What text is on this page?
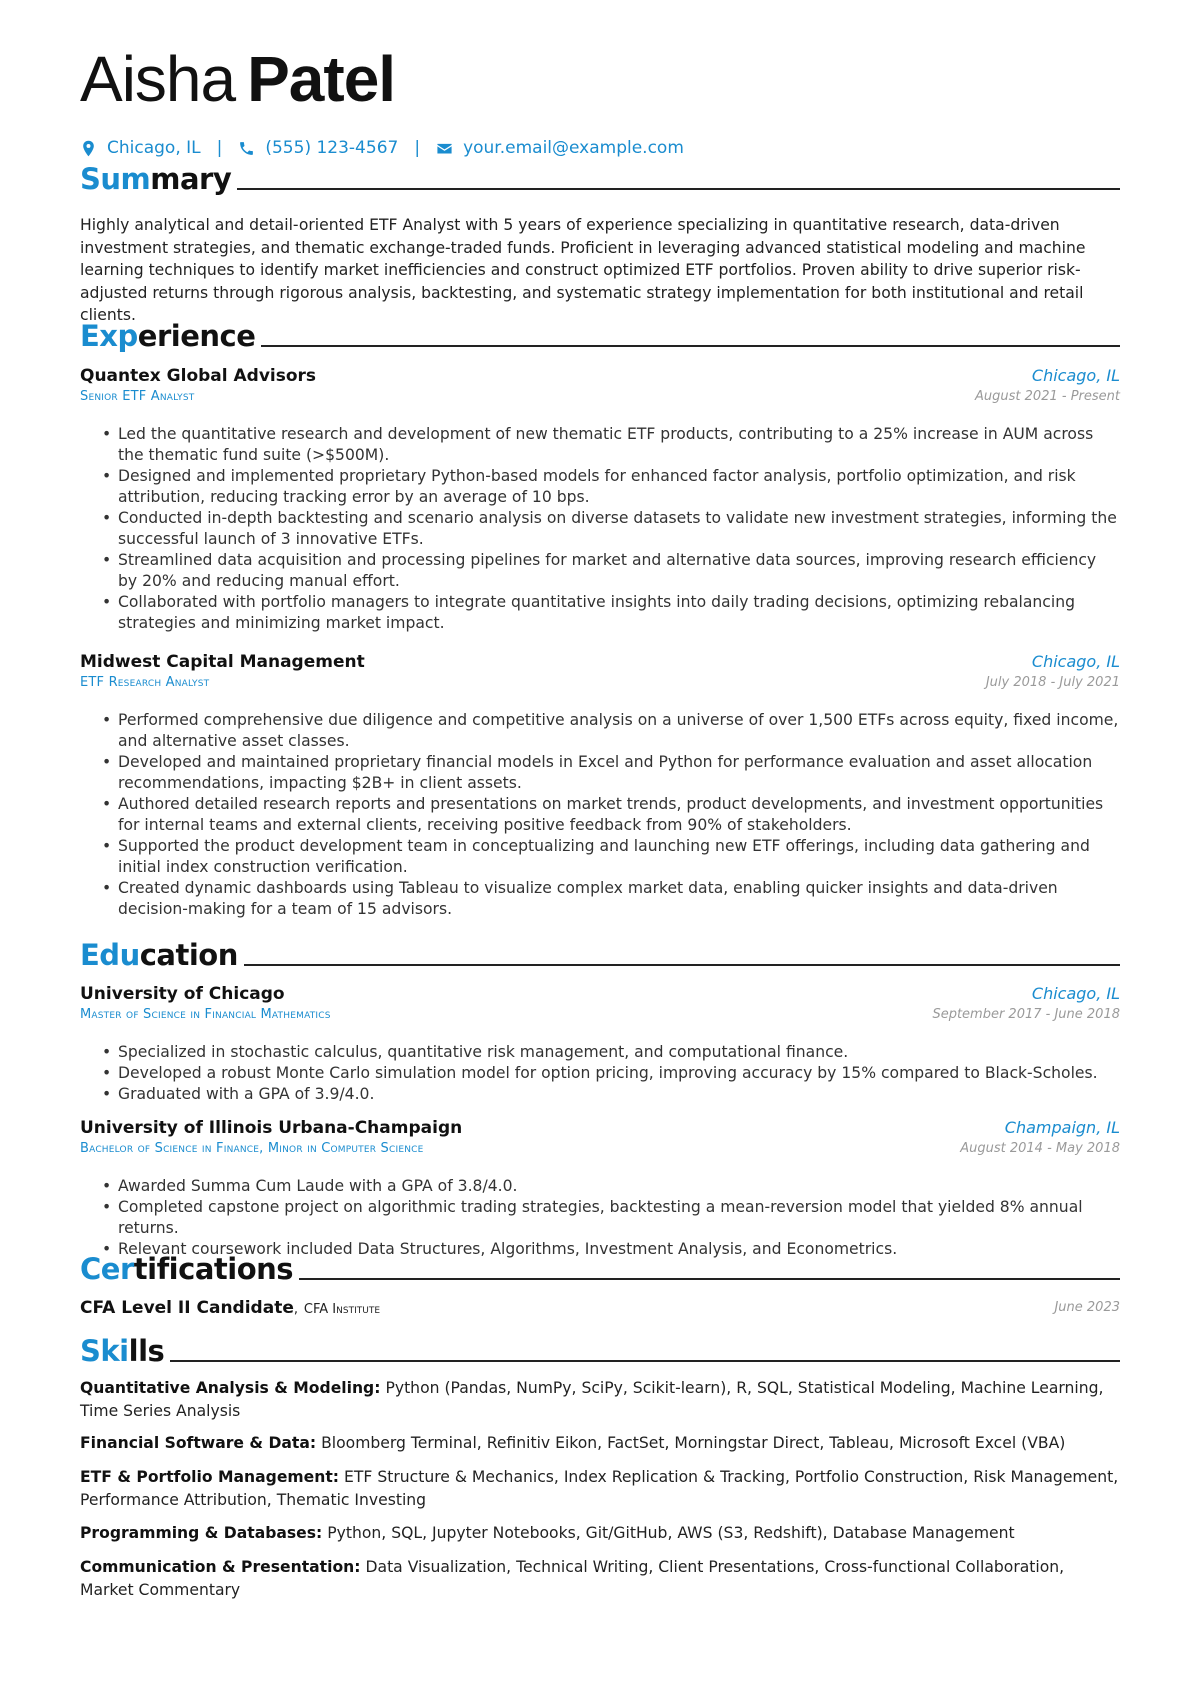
Aisha Patel
Chicago, IL |	(555) 123-4567 |	your.email@example.com
Summary
Highly analytical and detail-oriented ETF Analyst with 5 years of experience specializing in quantitative research, data-driven investment strategies, and thematic exchange-traded funds. Proficient in leveraging advanced statistical modeling and machine learning techniques to identify market inefficiencies and construct optimized ETF portfolios. Proven ability to drive superior risk-adjusted returns through rigorous analysis, backtesting, and systematic strategy implementation for both institutional and retail clients.
Experience
Quantex Global Advisors	Chicago, IL
Senior ETF Analyst	August 2021 - Present
• Led the quantitative research and development of new thematic ETF products, contributing to a 25% increase in AUM across the thematic fund suite (>$500M).
• Designed and implemented proprietary Python-based models for enhanced factor analysis, portfolio optimization, and risk attribution, reducing tracking error by an average of 10 bps.
• Conducted in-depth backtesting and scenario analysis on diverse datasets to validate new investment strategies, informing the successful launch of 3 innovative ETFs.
• Streamlined data acquisition and processing pipelines for market and alternative data sources, improving research efficiency by 20% and reducing manual effort.
• Collaborated with portfolio managers to integrate quantitative insights into daily trading decisions, optimizing rebalancing strategies and minimizing market impact.
Midwest Capital Management	Chicago, IL
ETF Research Analyst	July 2018 - July 2021
• Performed comprehensive due diligence and competitive analysis on a universe of over 1,500 ETFs across equity, fixed income, and alternative asset classes.
• Developed and maintained proprietary financial models in Excel and Python for performance evaluation and asset allocation recommendations, impacting $2B+ in client assets.
• Authored detailed research reports and presentations on market trends, product developments, and investment opportunities for internal teams and external clients, receiving positive feedback from 90% of stakeholders.
• Supported the product development team in conceptualizing and launching new ETF offerings, including data gathering and initial index construction verification.
• Created dynamic dashboards using Tableau to visualize complex market data, enabling quicker insights and data-driven decision-making for a team of 15 advisors.
Education
University of Chicago	Chicago, IL
Master of Science in Financial Mathematics	September 2017 - June 2018
• Specialized in stochastic calculus, quantitative risk management, and computational finance.
• Developed a robust Monte Carlo simulation model for option pricing, improving accuracy by 15% compared to Black-Scholes.
• Graduated with a GPA of 3.9/4.0.
University of Illinois Urbana-Champaign	Champaign, IL
Bachelor of Science in Finance, Minor in Computer Science	August 2014 - May 2018
• Awarded Summa Cum Laude with a GPA of 3.8/4.0.
• Completed capstone project on algorithmic trading strategies, backtesting a mean-reversion model that yielded 8% annual returns.
• Relevant coursework included Data Structures, Algorithms, Investment Analysis, and Econometrics.
Certifications
CFA Level II Candidate, CFA Institute	June 2023
Skills
Quantitative Analysis & Modeling: Python (Pandas, NumPy, SciPy, Scikit-learn), R, SQL, Statistical Modeling, Machine Learning, Time Series Analysis
Financial Software & Data: Bloomberg Terminal, Refinitiv Eikon, FactSet, Morningstar Direct, Tableau, Microsoft Excel (VBA)
ETF & Portfolio Management: ETF Structure & Mechanics, Index Replication & Tracking, Portfolio Construction, Risk Management, Performance Attribution, Thematic Investing
Programming & Databases: Python, SQL, Jupyter Notebooks, Git/GitHub, AWS (S3, Redshift), Database Management
Communication & Presentation: Data Visualization, Technical Writing, Client Presentations, Cross-functional Collaboration, Market Commentary
